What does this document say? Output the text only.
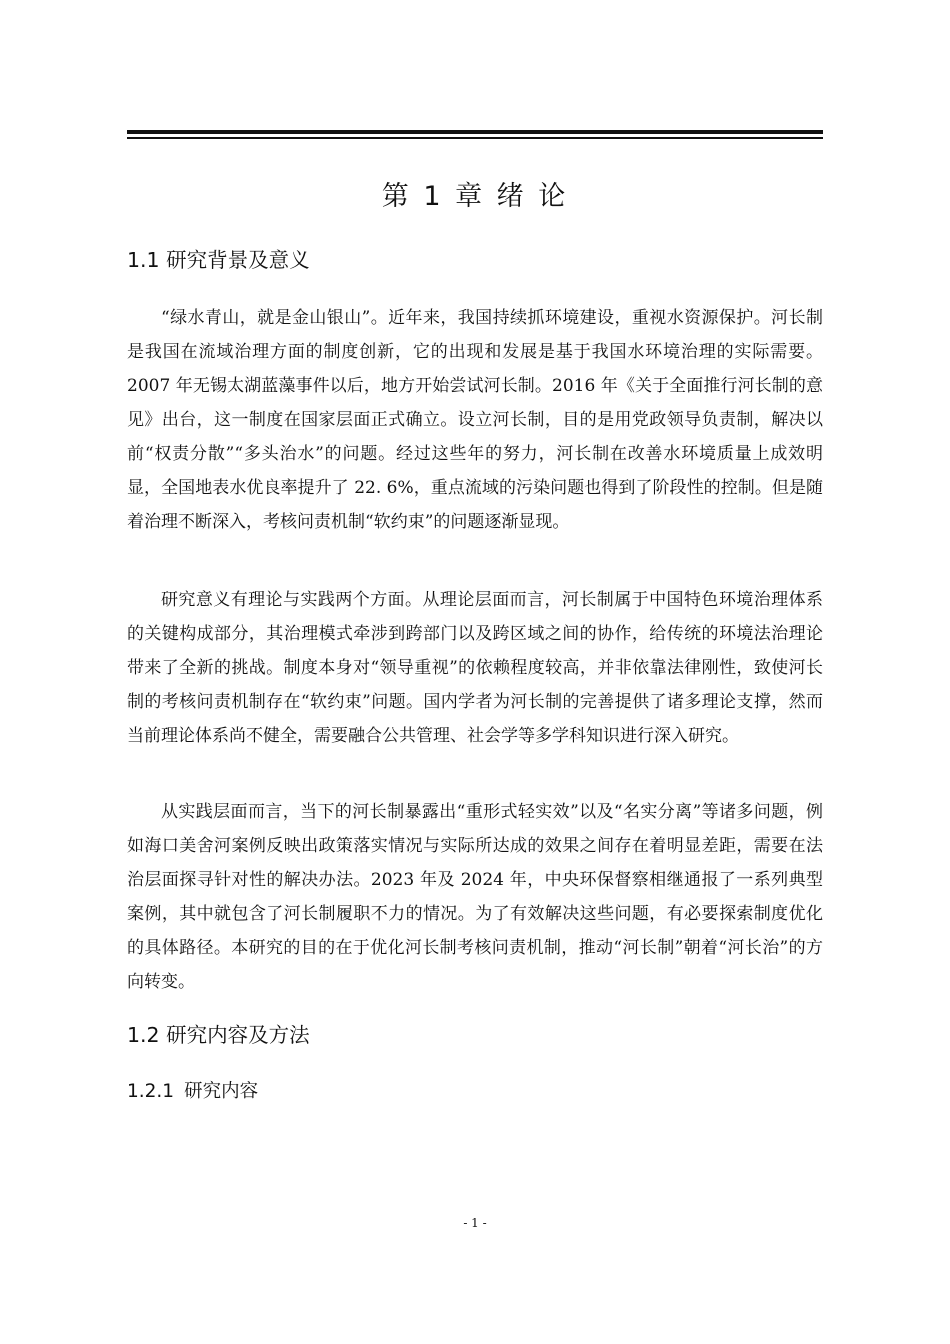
第 1 章 绪 论
1.1 研究背景及意义

“绿水青山，就是金山银山”。近年来，我国持续抓环境建设，重视水资源保护。河长制是我国在流域治理方面的制度创新，它的出现和发展是基于我国水环境治理的实际需要。2007 年无锡太湖蓝藻事件以后，地方开始尝试河长制。2016 年《关于全面推行河长制的意见》出台，这一制度在国家层面正式确立。设立河长制，目的是用党政领导负责制，解决以前“权责分散”“多头治水”的问题。经过这些年的努力，河长制在改善水环境质量上成效明显，全国地表水优良率提升了 22. 6%，重点流域的污染问题也得到了阶段性的控制。但是随着治理不断深入，考核问责机制“软约束”的问题逐渐显现。

研究意义有理论与实践两个方面。从理论层面而言，河长制属于中国特色环境治理体系的关键构成部分，其治理模式牵涉到跨部门以及跨区域之间的协作，给传统的环境法治理论带来了全新的挑战。制度本身对“领导重视”的依赖程度较高，并非依靠法律刚性，致使河长制的考核问责机制存在“软约束”问题。国内学者为河长制的完善提供了诸多理论支撑，然而当前理论体系尚不健全，需要融合公共管理、社会学等多学科知识进行深入研究。

从实践层面而言，当下的河长制暴露出“重形式轻实效”以及“名实分离”等诸多问题，例如海口美舍河案例反映出政策落实情况与实际所达成的效果之间存在着明显差距，需要在法治层面探寻针对性的解决办法。2023 年及 2024 年，中央环保督察相继通报了一系列典型案例，其中就包含了河长制履职不力的情况。为了有效解决这些问题，有必要探索制度优化的具体路径。本研究的目的在于优化河长制考核问责机制，推动“河长制”朝着“河长治”的方向转变。

1.2 研究内容及方法
1.2.1 研究内容
- 1 -
